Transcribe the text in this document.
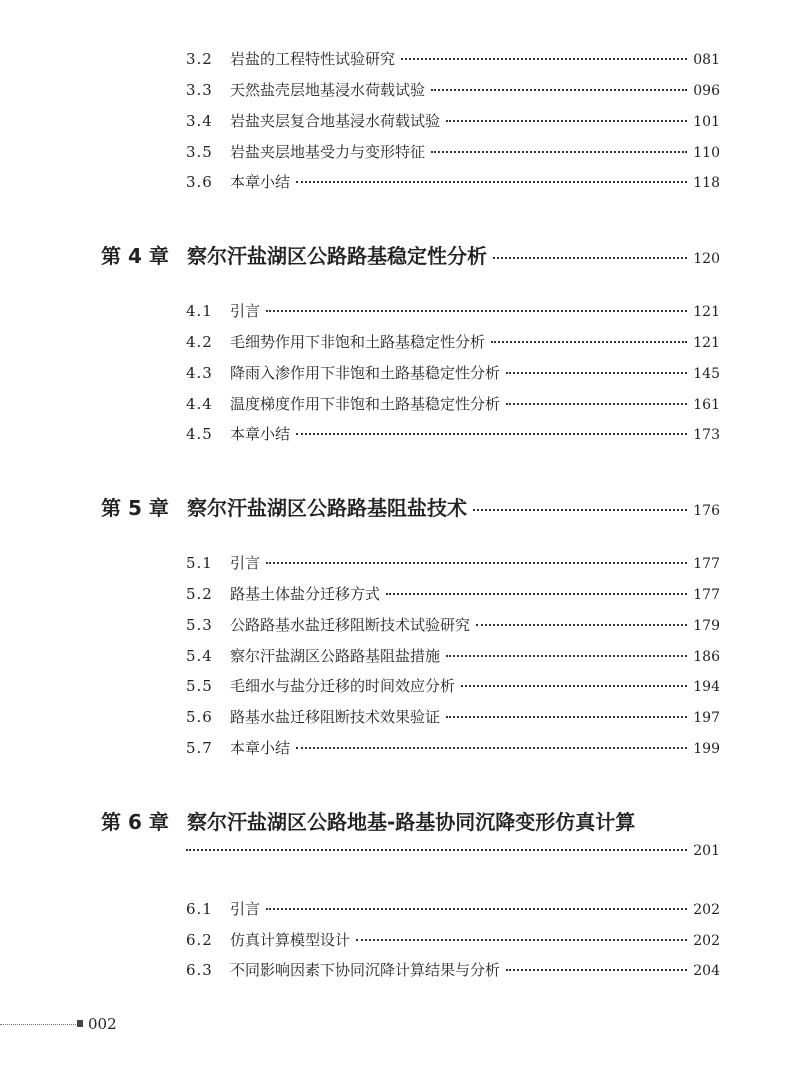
3.2	岩盐的工程特性试验研究	081
3.3	天然盐壳层地基浸水荷载试验	096
3.4	岩盐夹层复合地基浸水荷载试验	101
3.5	岩盐夹层地基受力与变形特征	110
3.6	本章小结	118
第 4 章 察尔汗盐湖区公路路基稳定性分析	120
4.1	引言	121
4.2	毛细势作用下非饱和土路基稳定性分析	121
4.3	降雨入渗作用下非饱和土路基稳定性分析	145
4.4	温度梯度作用下非饱和土路基稳定性分析	161
4.5	本章小结	173
第 5 章 察尔汗盐湖区公路路基阻盐技术	176
5.1	引言	177
5.2	路基土体盐分迁移方式	177
5.3	公路路基水盐迁移阻断技术试验研究	179
5.4	察尔汗盐湖区公路路基阻盐措施	186
5.5	毛细水与盐分迁移的时间效应分析	194
5.6	路基水盐迁移阻断技术效果验证	197
5.7	本章小结	199
第 6 章 察尔汗盐湖区公路地基-路基协同沉降变形仿真计算
201
6.1	引言	202
6.2	仿真计算模型设计	202
6.3	不同影响因素下协同沉降计算结果与分析	204
002
